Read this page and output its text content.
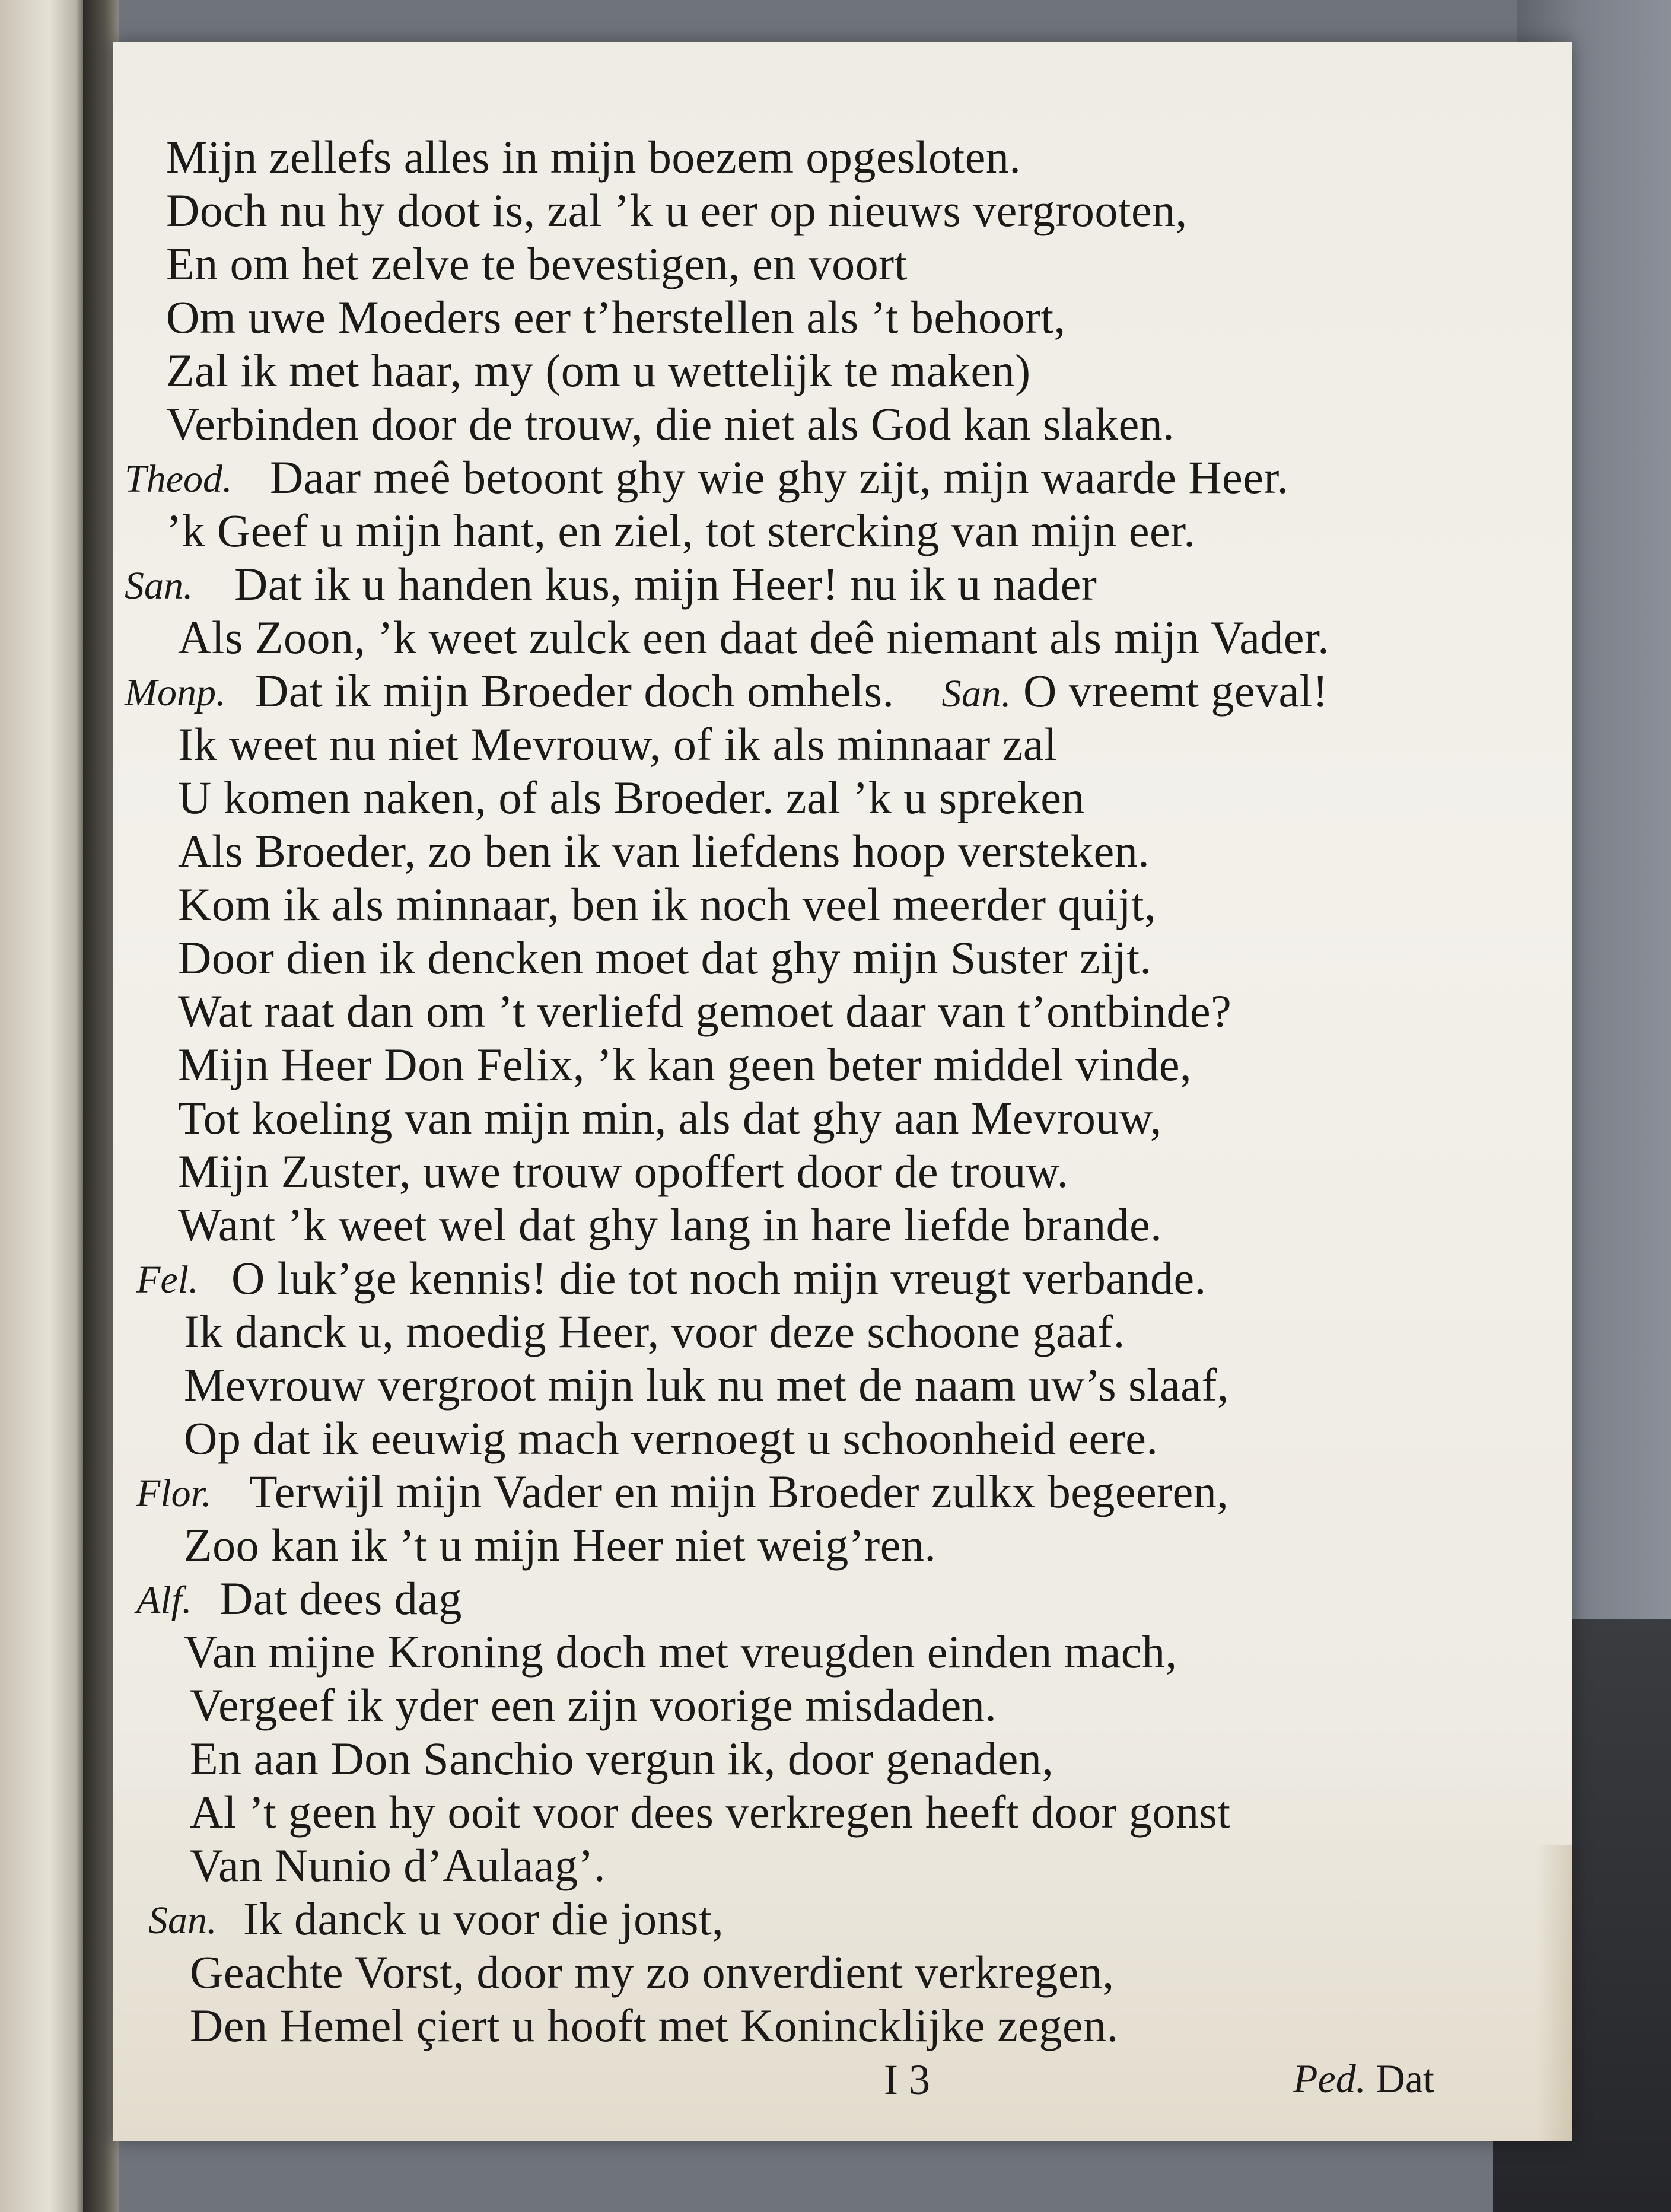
Mijn zellefs alles in mijn boezem opgesloten.
Doch nu hy doot is, zal ’k u eer op nieuws vergrooten,
En om het zelve te bevestigen, en voort
Om uwe Moeders eer t’herstellen als ’t behoort,
Zal ik met haar, my (om u wettelijk te maken)
Verbinden door de trouw, die niet als God kan slaken.
Theod. Daar meê betoont ghy wie ghy zijt, mijn waarde Heer.
’k Geef u mijn hant, en ziel, tot stercking van mijn eer.
San. Dat ik u handen kus, mijn Heer! nu ik u nader
Als Zoon, ’k weet zulck een daat deê niemant als mijn Vader.
Monp. Dat ik mijn Broeder doch omhels. San. O vreemt geval!
Ik weet nu niet Mevrouw, of ik als minnaar zal
U komen naken, of als Broeder. zal ’k u spreken
Als Broeder, zo ben ik van liefdens hoop versteken.
Kom ik als minnaar, ben ik noch veel meerder quijt,
Door dien ik dencken moet dat ghy mijn Suster zijt.
Wat raat dan om ’t verliefd gemoet daar van t’ontbinde?
Mijn Heer Don Felix, ’k kan geen beter middel vinde,
Tot koeling van mijn min, als dat ghy aan Mevrouw,
Mijn Zuster, uwe trouw opoffert door de trouw.
Want ’k weet wel dat ghy lang in hare liefde brande.
Fel. O luk’ge kennis! die tot noch mijn vreugt verbande.
Ik danck u, moedig Heer, voor deze schoone gaaf.
Mevrouw vergroot mijn luk nu met de naam uw’s slaaf,
Op dat ik eeuwig mach vernoegt u schoonheid eere.
Flor. Terwijl mijn Vader en mijn Broeder zulkx begeeren,
Zoo kan ik ’t u mijn Heer niet weig’ren.
Alf. Dat dees dag
Van mijne Kroning doch met vreugden einden mach,
Vergeef ik yder een zijn voorige misdaden.
En aan Don Sanchio vergun ik, door genaden,
Al ’t geen hy ooit voor dees verkregen heeft door gonst
Van Nunio d’Aulaag’.
San. Ik danck u voor die jonst,
Geachte Vorst, door my zo onverdient verkregen,
Den Hemel çiert u hooft met Konincklijke zegen.
I 3	Ped. Dat
